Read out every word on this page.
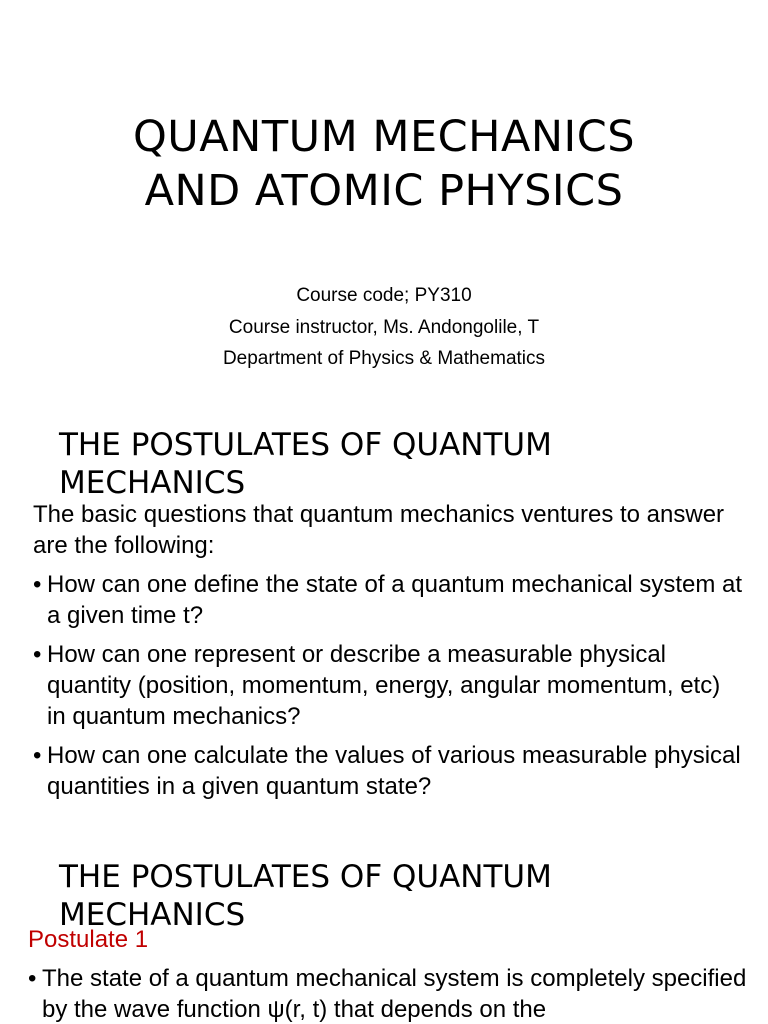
QUANTUM MECHANICS
AND ATOMIC PHYSICS
Course code; PY310
Course instructor, Ms. Andongolile, T
Department of Physics & Mathematics
THE POSTULATES OF QUANTUM
MECHANICS

The basic questions that quantum mechanics ventures to answer are the following:

• How can one define the state of a quantum mechanical system at a given time t?
• How can one represent or describe a measurable physical quantity (position, momentum, energy, angular momentum, etc) in quantum mechanics?
• How can one calculate the values of various measurable physical quantities in a given quantum state?
THE POSTULATES OF QUANTUM
MECHANICS
Postulate 1
• The state of a quantum mechanical system is completely specified by the wave function ψ(r, t) that depends on the
